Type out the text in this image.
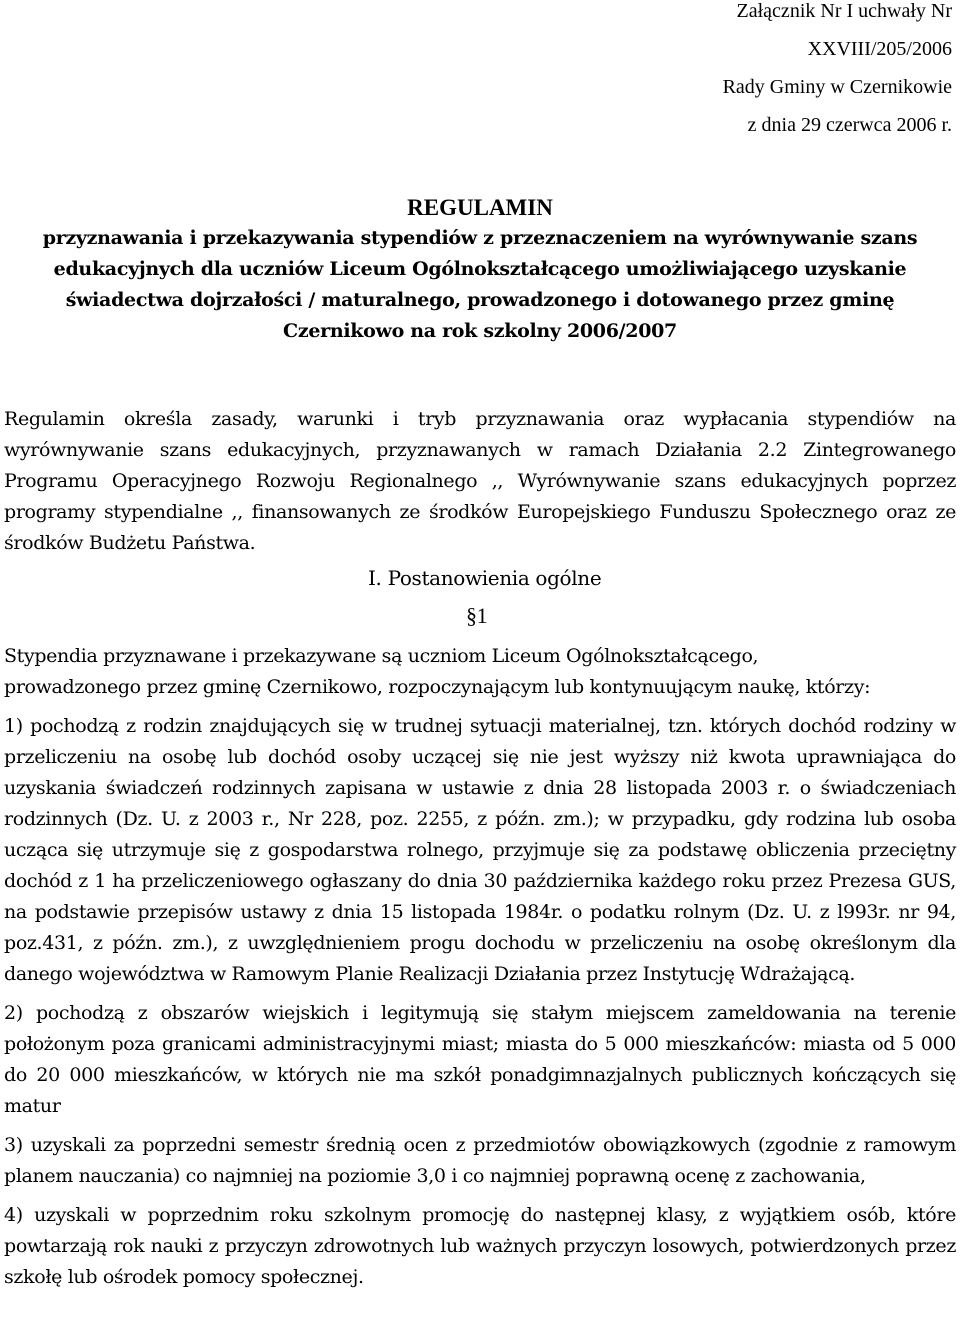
Załącznik Nr I uchwały Nr
XXVIII/205/2006
Rady Gminy w Czernikowie
z dnia 29 czerwca 2006 r.
REGULAMIN
przyznawania i przekazywania stypendiów z przeznaczeniem na wyrównywanie szans
edukacyjnych dla uczniów Liceum Ogólnokształcącego umożliwiającego uzyskanie
świadectwa dojrzałości / maturalnego, prowadzonego i dotowanego przez gminę
Czernikowo na rok szkolny 2006/2007

Regulamin określa zasady, warunki i tryb przyznawania oraz wypłacania stypendiów na wyrównywanie szans edukacyjnych, przyznawanych w ramach Działania 2.2 Zintegrowanego Programu Operacyjnego Rozwoju Regionalnego ,, Wyrównywanie szans edukacyjnych poprzez programy stypendialne ,, finansowanych ze środków Europejskiego Funduszu Społecznego oraz ze środków Budżetu Państwa.

I. Postanowienia ogólne
§1

Stypendia przyznawane i przekazywane są uczniom Liceum Ogólnokształcącego,

prowadzonego przez gminę Czernikowo, rozpoczynającym lub kontynuującym naukę, którzy:

1) pochodzą z rodzin znajdujących się w trudnej sytuacji materialnej, tzn. których dochód rodziny w przeliczeniu na osobę lub dochód osoby uczącej się nie jest wyższy niż kwota uprawniająca do uzyskania świadczeń rodzinnych zapisana w ustawie z dnia 28 listopada 2003 r. o świadczeniach rodzinnych (Dz. U. z 2003 r., Nr 228, poz. 2255, z późn. zm.); w przypadku, gdy rodzina lub osoba ucząca się utrzymuje się z gospodarstwa rolnego, przyjmuje się za podstawę obliczenia przeciętny dochód z 1 ha przeliczeniowego ogłaszany do dnia 30 października każdego roku przez Prezesa GUS, na podstawie przepisów ustawy z dnia 15 listopada 1984r. o podatku rolnym (Dz. U. z l993r. nr 94, poz.431, z późn. zm.), z uwzględnieniem progu dochodu w przeliczeniu na osobę określonym dla danego województwa w Ramowym Planie Realizacji Działania przez Instytucję Wdrażającą.

2) pochodzą z obszarów wiejskich i legitymują się stałym miejscem zameldowania na terenie położonym poza granicami administracyjnymi miast; miasta do 5 000 mieszkańców: miasta od 5 000 do 20 000 mieszkańców, w których nie ma szkół ponadgimnazjalnych publicznych kończących się matur

3) uzyskali za poprzedni semestr średnią ocen z przedmiotów obowiązkowych (zgodnie z ramowym planem nauczania) co najmniej na poziomie 3,0 i co najmniej poprawną ocenę z zachowania,

4) uzyskali w poprzednim roku szkolnym promocję do następnej klasy, z wyjątkiem osób, które powtarzają rok nauki z przyczyn zdrowotnych lub ważnych przyczyn losowych, potwierdzonych przez szkołę lub ośrodek pomocy społecznej.
